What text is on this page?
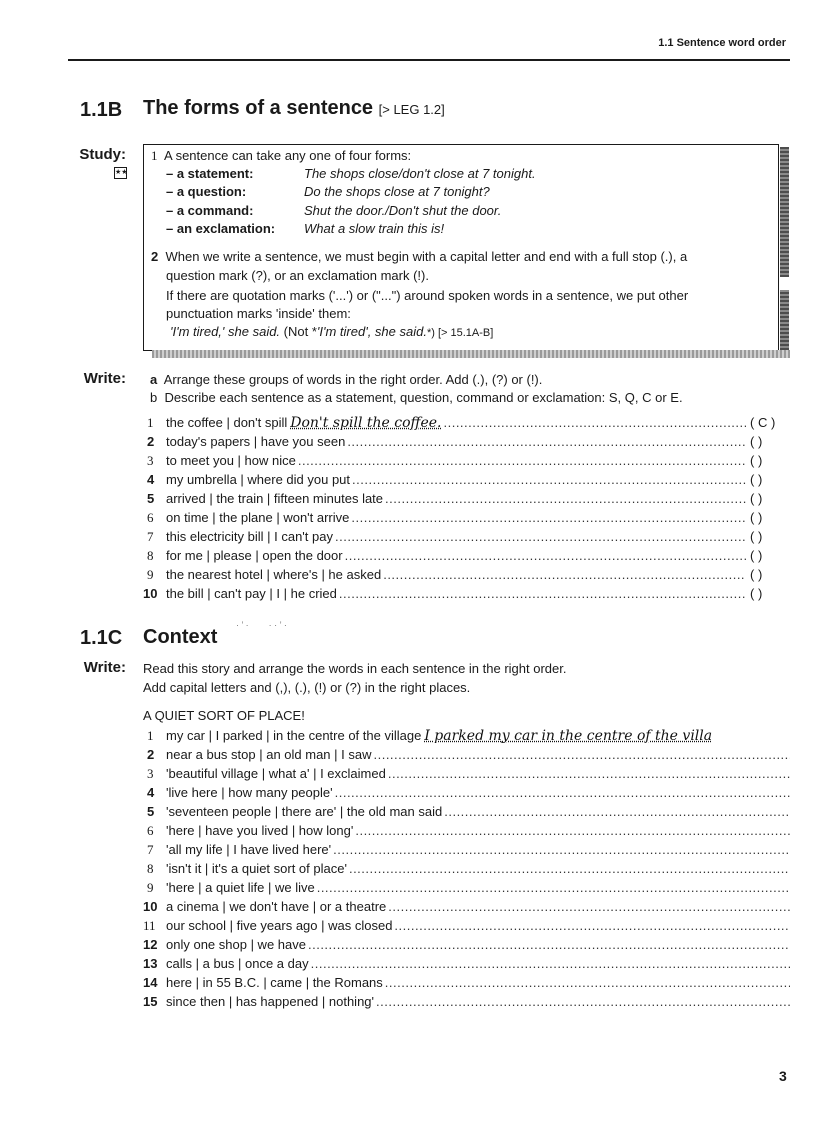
1.1 Sentence word order
1.1B The forms of a sentence [> LEG 1.2]
Study:
★★
1 A sentence can take any one of four forms:
– a statement:	The shops close/don't close at 7 tonight.
– a question:	Do the shops close at 7 tonight?
– a command:	Shut the door./Don't shut the door.
– an exclamation: What a slow train this is!
2 When we write a sentence, we must begin with a capital letter and end with a full stop (.), a
question mark (?), or an exclamation mark (!).
If there are quotation marks ('...') or ("...") around spoken words in a sentence, we put other
punctuation marks 'inside' them:
'I'm tired,' she said. (Not *'I'm tired', she said.*) [> 15.1A-B]
Write: a Arrange these groups of words in the right order. Add (.), (?) or (!).
b Describe each sentence as a statement, question, command or exclamation: S, Q, C or E.
1 the coffee | don't spill Don't spill the coffee. .....	( C )
2 today's papers | have you seen .....	( )
3 to meet you | how nice .....	( )
4 my umbrella | where did you put .....	( )
5 arrived | the train | fifteen minutes late .....	( )
6 on time | the plane | won't arrive .....	( )
7 this electricity bill | I can't pay .....	( )
8 for me | please | open the door .....	( )
9 the nearest hotel | where's | he asked .....	( )
10 the bill | can't pay | I | he cried .....	( )
1.1C Context
· ’ ·        · · ’ ·
Write: Read this story and arrange the words in each sentence in the right order.
Add capital letters and (,), (.), (!) or (?) in the right places.
A QUIET SORT OF PLACE!
1 my car | I parked | in the centre of the village I parked my car in the centre of the villa
2 near a bus stop | an old man | I saw
.....
3 'beautiful village | what a' | I exclaimed
.....
4 'live here | how many people'
.....
5 'seventeen people | there are' | the old man said
.....
6 'here | have you lived | how long'
.....
7 'all my life | I have lived here'
.....
8 'isn't it | it's a quiet sort of place'
.....
9 'here | a quiet life | we live
.....
10 a cinema | we don't have | or a theatre
.....
11 our school | five years ago | was closed
.....
12 only one shop | we have
.....
13 calls | a bus | once a day
.....
14 here | in 55 B.C. | came | the Romans
.....
15 since then | has happened | nothing'
.....
3
